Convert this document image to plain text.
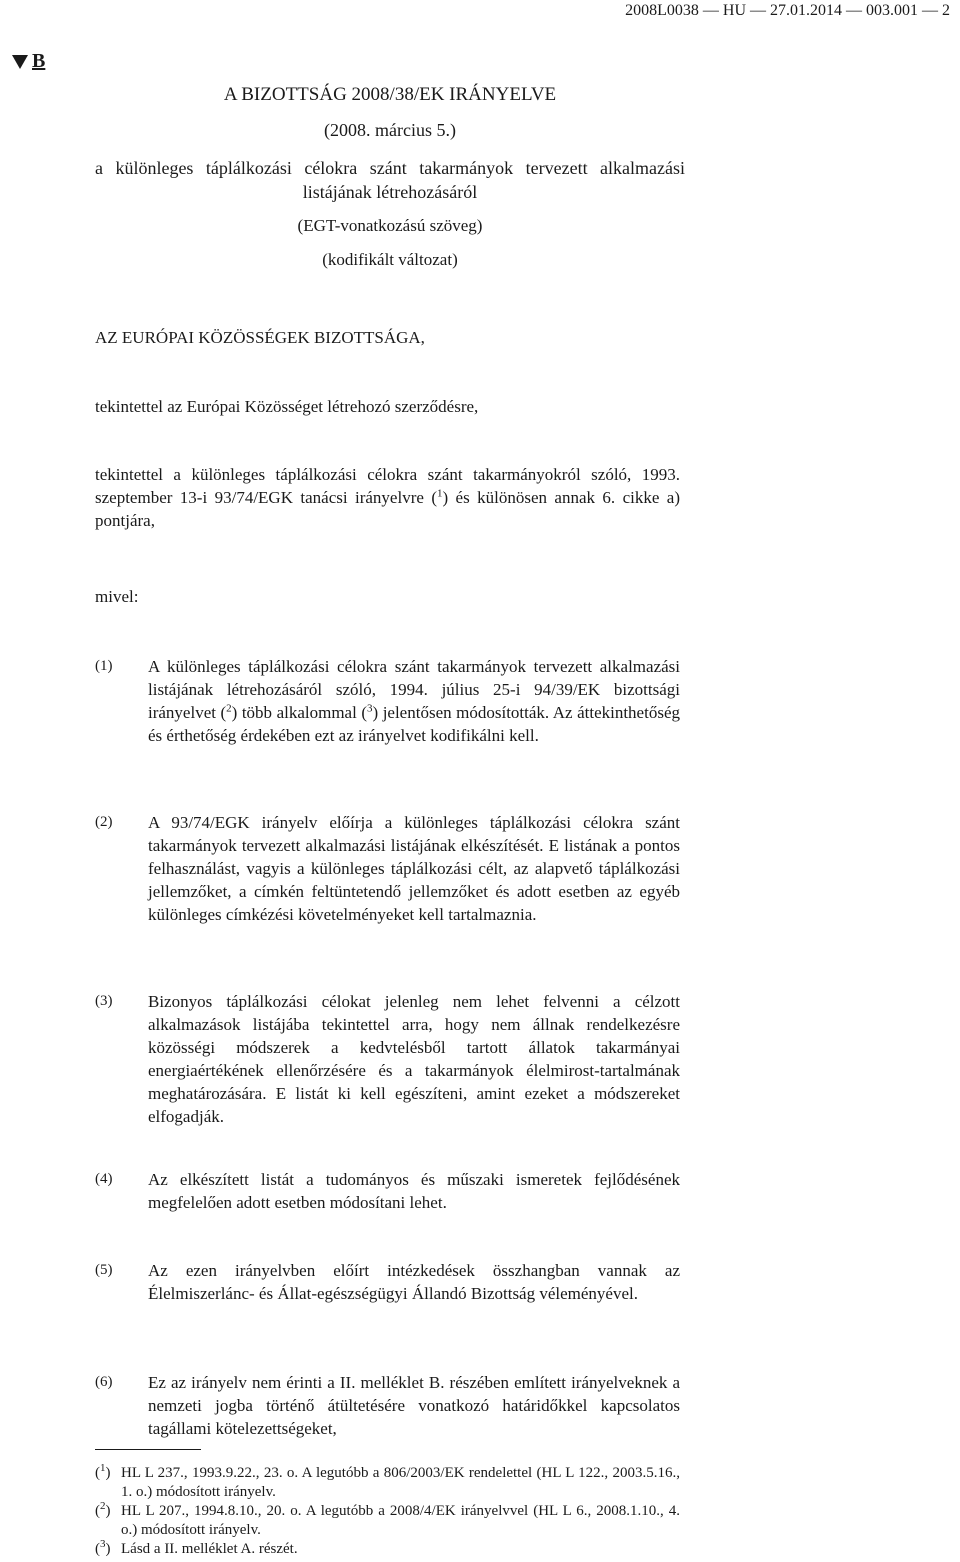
2008L0038 — HU — 27.01.2014 — 003.001 — 2
B
A BIZOTTSÁG 2008/38/EK IRÁNYELVE
(2008. március 5.)
a különleges táplálkozási célokra szánt takarmányok tervezett alkalmazási listájának létrehozásáról
(EGT-vonatkozású szöveg)
(kodifikált változat)
AZ EURÓPAI KÖZÖSSÉGEK BIZOTTSÁGA,
tekintettel az Európai Közösséget létrehozó szerződésre,
tekintettel a különleges táplálkozási célokra szánt takarmányokról szóló, 1993. szeptember 13-i 93/74/EGK tanácsi irányelvre ($^1$) és különösen annak 6. cikke a) pontjára,
mivel:
(1) A különleges táplálkozási célokra szánt takarmányok tervezett alkalmazási listájának létrehozásáról szóló, 1994. július 25-i 94/39/EK bizottsági irányelvet ($^2$) több alkalommal ($^3$) jelentősen módosították. Az áttekinthetőség és érthetőség érdekében ezt az irányelvet kodifikálni kell.
(2) A 93/74/EGK irányelv előírja a különleges táplálkozási célokra szánt takarmányok tervezett alkalmazási listájának elkészítését. E listának a pontos felhasználást, vagyis a különleges táplálkozási célt, az alapvető táplálkozási jellemzőket, a címkén feltüntetendő jellemzőket és adott esetben az egyéb különleges címkézési követelményeket kell tartalmaznia.
(3) Bizonyos táplálkozási célokat jelenleg nem lehet felvenni a célzott alkalmazások listájába tekintettel arra, hogy nem állnak rendelkezésre közösségi módszerek a kedvtelésből tartott állatok takarmányai energiaértékének ellenőrzésére és a takarmányok élelmirost-tartalmának meghatározására. E listát ki kell egészíteni, amint ezeket a módszereket elfogadják.
(4) Az elkészített listát a tudományos és műszaki ismeretek fejlődésének megfelelően adott esetben módosítani lehet.
(5) Az ezen irányelvben előírt intézkedések összhangban vannak az Élelmiszerlánc- és Állat-egészségügyi Állandó Bizottság véleményével.
(6) Ez az irányelv nem érinti a II. melléklet B. részében említett irányelveknek a nemzeti jogba történő átültetésére vonatkozó határidőkkel kapcsolatos tagállami kötelezettségeket,
($^1$) HL L 237., 1993.9.22., 23. o. A legutóbb a 806/2003/EK rendelettel (HL L 122., 2003.5.16., 1. o.) módosított irányelv.
($^2$) HL L 207., 1994.8.10., 20. o. A legutóbb a 2008/4/EK irányelvvel (HL L 6., 2008.1.10., 4. o.) módosított irányelv.
($^3$) Lásd a II. melléklet A. részét.
